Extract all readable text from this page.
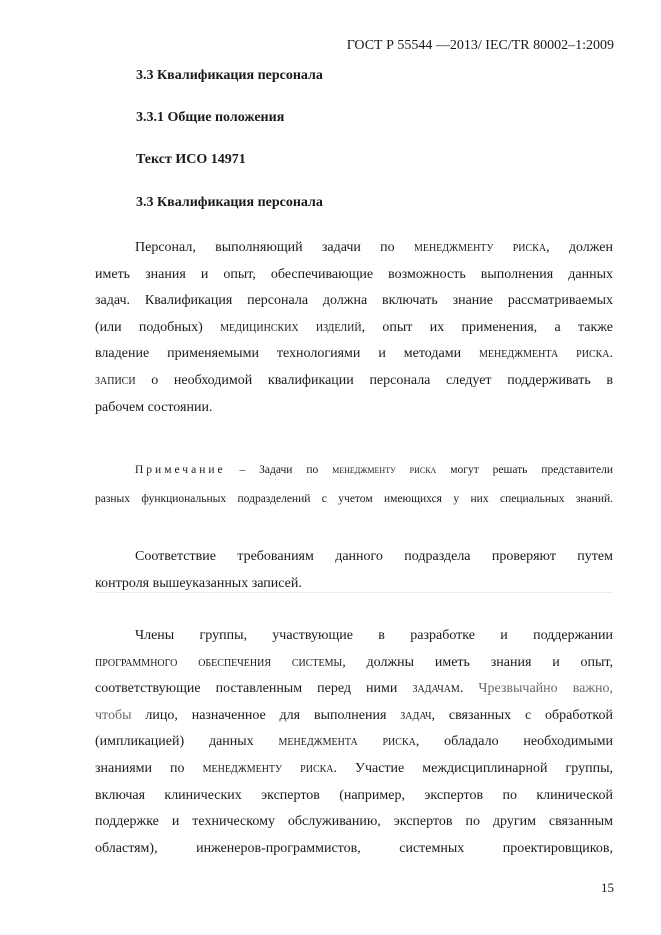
ГОСТ Р 55544 —2013/ IEC/TR 80002–1:2009
3.3 Квалификация персонала
3.3.1 Общие положения
Текст ИСО 14971
3.3 Квалификация персонала
Персонал, выполняющий задачи по менеджменту риска, должен
иметь знания и опыт, обеспечивающие возможность выполнения данных
задач. Квалификация персонала должна включать знание рассматриваемых
(или подобных) медицинских изделий, опыт их применения, а также
владение применяемыми технологиями и методами менеджмента риска.
записи о необходимой квалификации персонала следует поддерживать в
рабочем состоянии.
Примечание – Задачи по менеджменту риска могут решать представители
разных функциональных подразделений с учетом имеющихся у них специальных знаний.
Соответствие требованиям данного подраздела проверяют путем
контроля вышеуказанных записей.
Члены группы, участвующие в разработке и поддержании
программного обеспечения системы, должны иметь знания и опыт,
соответствующие поставленным перед ними задачам. Чрезвычайно важно,
чтобы лицо, назначенное для выполнения задач, связанных с обработкой
(импликацией) данных менеджмента риска, обладало необходимыми
знаниями по менеджменту риска. Участие междисциплинарной группы,
включая клинических экспертов (например, экспертов по клинической
поддержке и техническому обслуживанию, экспертов по другим связанным
областям), инженеров-программистов, системных проектировщиков,
15
